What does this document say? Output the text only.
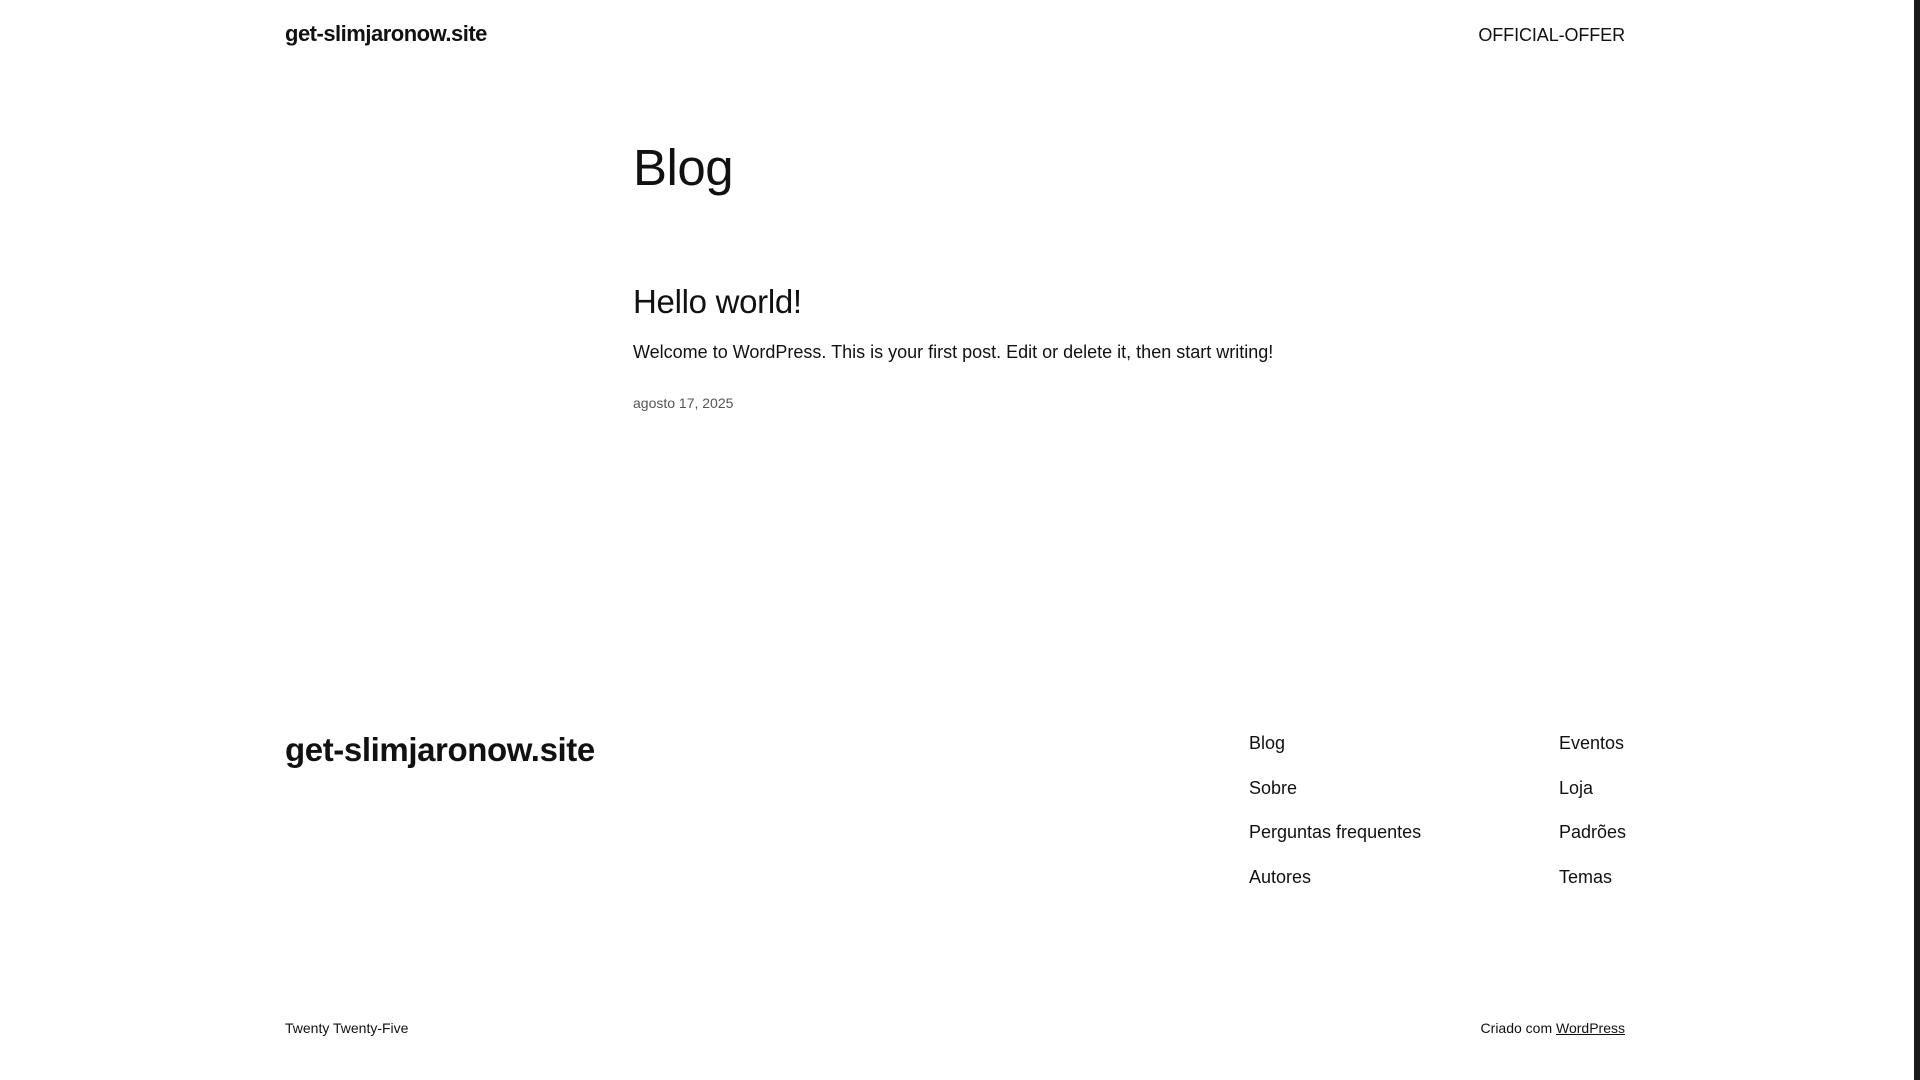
get-slimjaronow.site	OFFICIAL-OFFER
Blog
Hello world!

Welcome to WordPress. This is your first post. Edit or delete it, then start writing!

agosto 17, 2025
get-slimjaronow.site	Blog
Sobre
Perguntas frequentes
Autores
Eventos
Loja
Padrões
Temas
Twenty Twenty-Five	Criado com WordPress
